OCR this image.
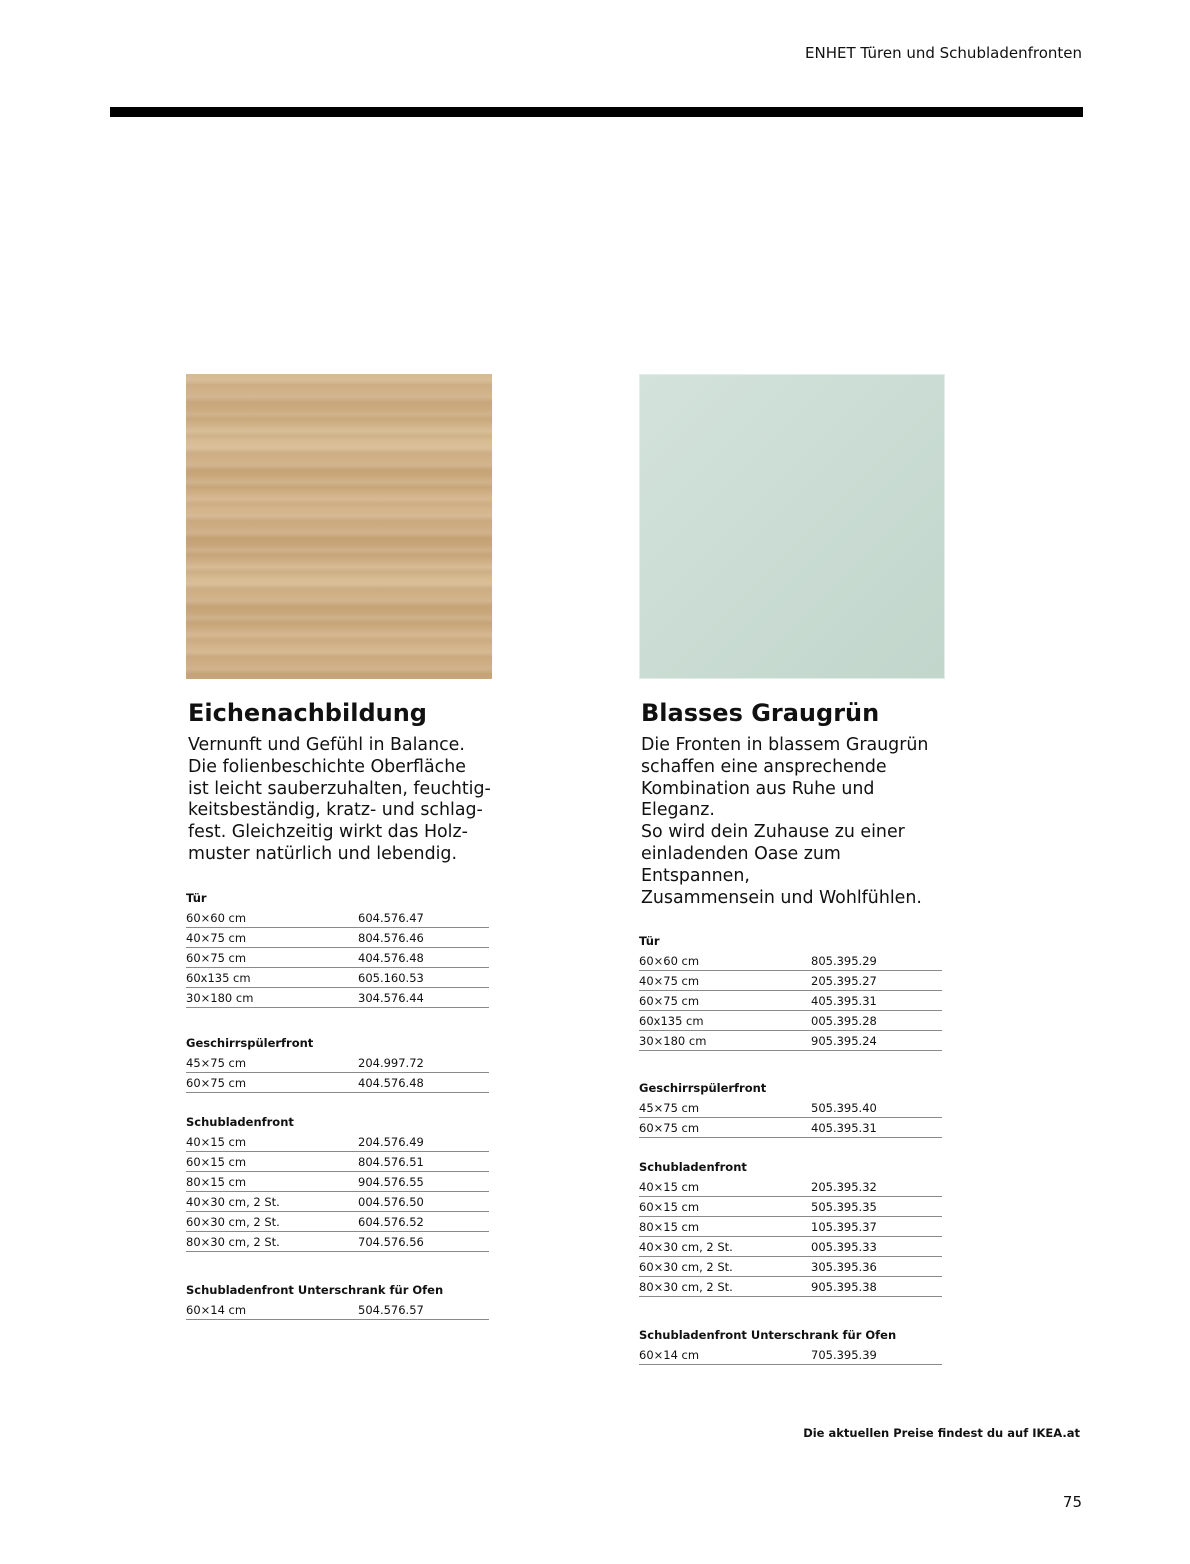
ENHET Türen und Schubladenfronten
Eichenachbildung

Vernunft und Gefühl in Balance.
Die folienbeschichte Oberfläche
ist leicht sauberzuhalten, feuchtig-
keitsbeständig, kratz- und schlag-
fest. Gleichzeitig wirkt das Holz-
muster natürlich und lebendig.

Tür
60×60 cm	604.576.47
40×75 cm	804.576.46
60×75 cm	404.576.48
60x135 cm	605.160.53
30×180 cm	304.576.44
Geschirrspülerfront
45×75 cm	204.997.72
60×75 cm	404.576.48
Schubladenfront
40×15 cm	204.576.49
60×15 cm	804.576.51
80×15 cm	904.576.55
40×30 cm, 2 St.	004.576.50
60×30 cm, 2 St.	604.576.52
80×30 cm, 2 St.	704.576.56
Schubladenfront Unterschrank für Ofen
60×14 cm	504.576.57
Blasses Graugrün

Die Fronten in blassem Graugrün
schaffen eine ansprechende
Kombination aus Ruhe und Eleganz.
So wird dein Zuhause zu einer
einladenden Oase zum Entspannen,
Zusammensein und Wohlfühlen.

Tür
60×60 cm	805.395.29
40×75 cm	205.395.27
60×75 cm	405.395.31
60x135 cm	005.395.28
30×180 cm	905.395.24
Geschirrspülerfront
45×75 cm	505.395.40
60×75 cm	405.395.31
Schubladenfront
40×15 cm	205.395.32
60×15 cm	505.395.35
80×15 cm	105.395.37
40×30 cm, 2 St.	005.395.33
60×30 cm, 2 St.	305.395.36
80×30 cm, 2 St.	905.395.38
Schubladenfront Unterschrank für Ofen
60×14 cm	705.395.39
Die aktuellen Preise findest du auf IKEA.at
75
